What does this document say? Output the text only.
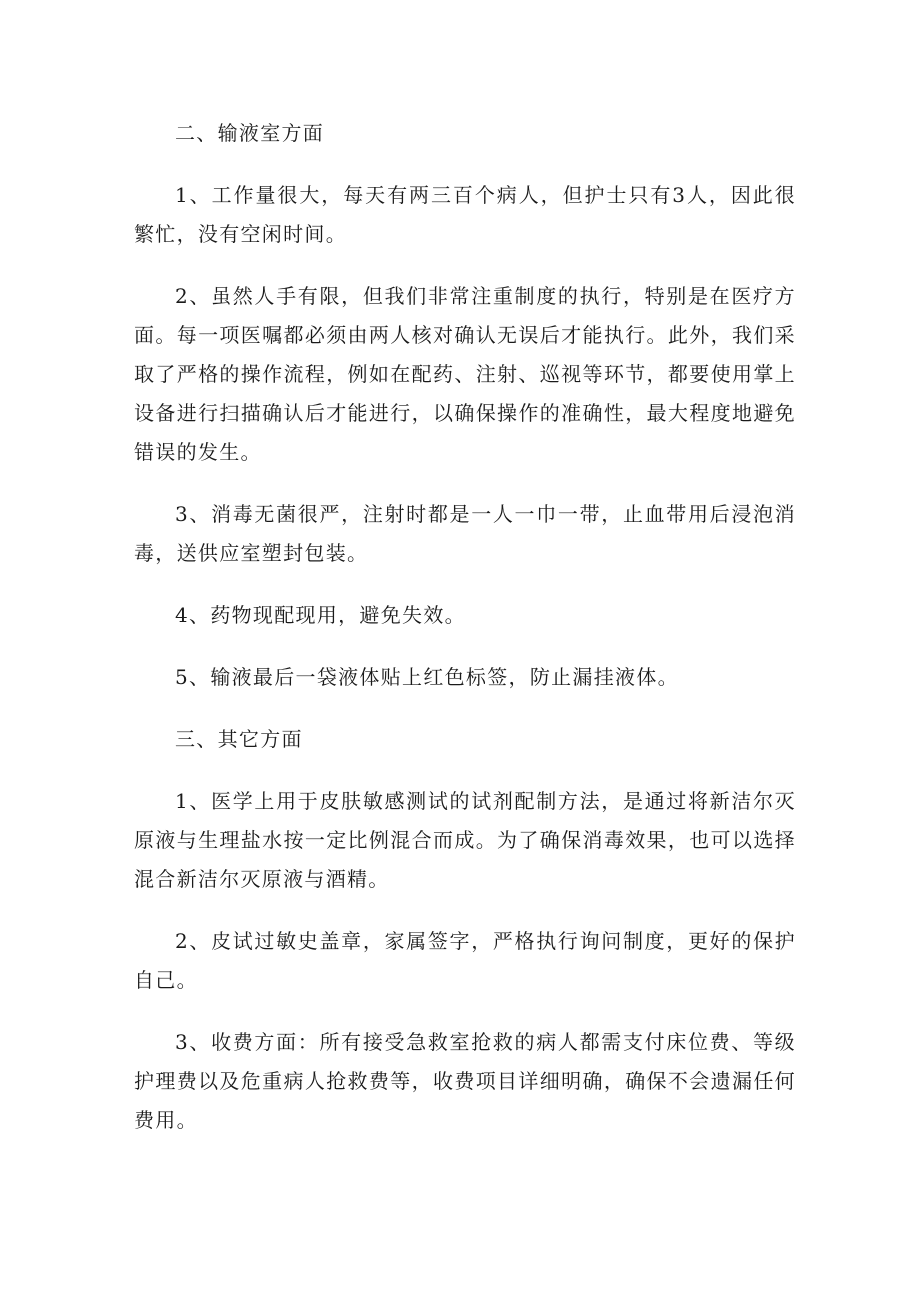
二、输液室方面

1、工作量很大，每天有两三百个病人，但护士只有3人，因此很繁忙，没有空闲时间。

2、虽然人手有限，但我们非常注重制度的执行，特别是在医疗方面。每一项医嘱都必须由两人核对确认无误后才能执行。此外，我们采取了严格的操作流程，例如在配药、注射、巡视等环节，都要使用掌上设备进行扫描确认后才能进行，以确保操作的准确性，最大程度地避免错误的发生。

3、消毒无菌很严，注射时都是一人一巾一带，止血带用后浸泡消毒，送供应室塑封包装。

4、药物现配现用，避免失效。

5、输液最后一袋液体贴上红色标签，防止漏挂液体。

三、其它方面

1、医学上用于皮肤敏感测试的试剂配制方法，是通过将新洁尔灭原液与生理盐水按一定比例混合而成。为了确保消毒效果，也可以选择混合新洁尔灭原液与酒精。

2、皮试过敏史盖章，家属签字，严格执行询问制度，更好的保护自己。

3、收费方面：所有接受急救室抢救的病人都需支付床位费、等级护理费以及危重病人抢救费等，收费项目详细明确，确保不会遗漏任何费用。
